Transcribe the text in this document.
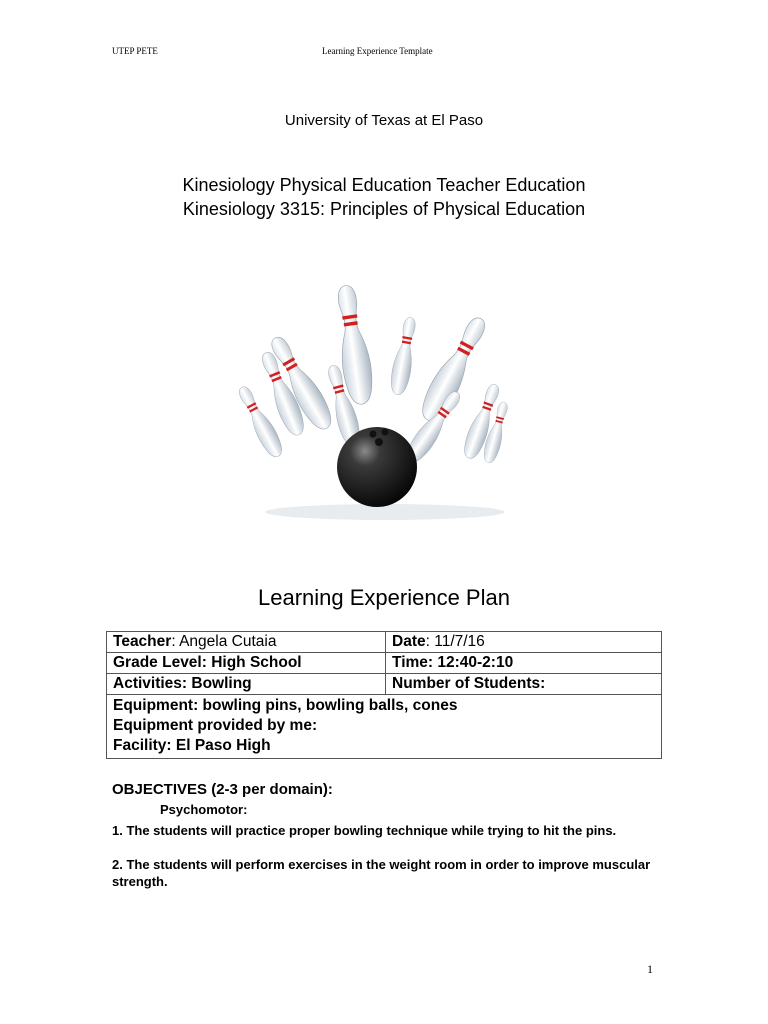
UTEP PETE	Learning Experience Template
University of Texas at El Paso
Kinesiology Physical Education Teacher Education
Kinesiology 3315: Principles of Physical Education
Learning Experience Plan
Teacher: Angela Cutaia	Date: 11/7/16
Grade Level: High School	Time: 12:40-2:10
Activities: Bowling	Number of Students:

Equipment: bowling pins, bowling balls, cones
Equipment provided by me:
Facility: El Paso High	
OBJECTIVES (2-3 per domain):
Psychomotor:
1. The students will practice proper bowling technique while trying to hit the pins.
2. The students will perform exercises in the weight room in order to improve muscular strength.
1
